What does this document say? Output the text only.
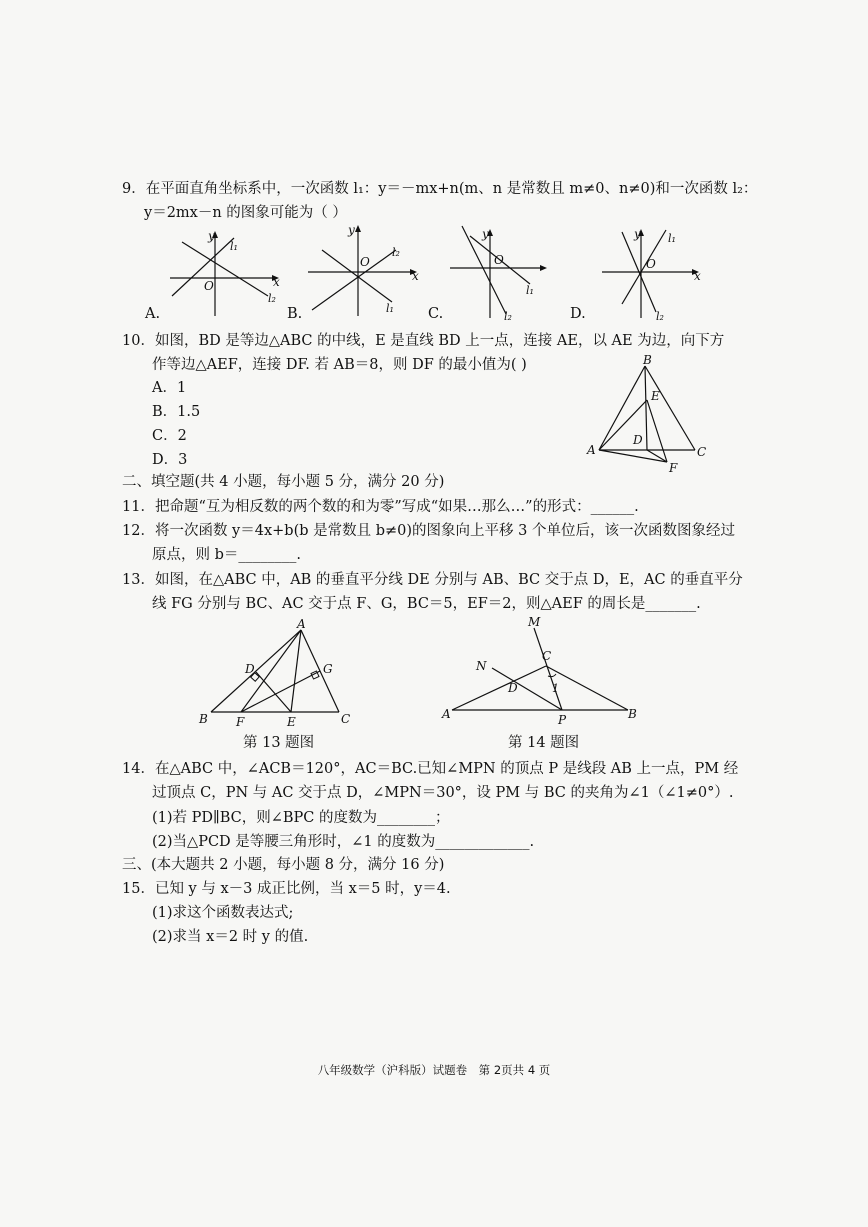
9．在平面直角坐标系中，一次函数 l₁：y＝－mx+n(m、n 是常数且 m≠0、n≠0)和一次函数 l₂：
y＝2mx－n 的图象可能为（ ）
y
x
O
l₁
l₂
A.
y
x
O
l₂
l₁
B.
y
O
l₁
l₂
C.
y
x
O
l₁
l₂
D.
10．如图，BD 是等边△ABC 的中线，E 是直线 BD 上一点，连接 AE，以 AE 为边，向下方
作等边△AEF，连接 DF. 若 AB＝8，则 DF 的最小值为( )
A．1
B．1.5
C．2
D．3
B
E
D
A	C
F
二、填空题(共 4 小题，每小题 5 分，满分 20 分)
11．把命题“互为相反数的两个数的和为零”写成“如果…那么…”的形式：______.
12．将一次函数 y＝4x+b(b 是常数且 b≠0)的图象向上平移 3 个单位后，该一次函数图象经过
原点，则 b＝________.
13．如图，在△ABC 中，AB 的垂直平分线 DE 分别与 AB、BC 交于点 D，E，AC 的垂直平分
线 FG 分别与 BC、AC 交于点 F、G，BC＝5，EF＝2，则△AEF 的周长是_______.
A
D	G
B F	E	C
第 13 题图
M
N
C
D	1
A	P	B
第 14 题图
14．在△ABC 中，∠ACB＝120°，AC＝BC.已知∠MPN 的顶点 P 是线段 AB 上一点，PM 经
过顶点 C，PN 与 AC 交于点 D，∠MPN＝30°，设 PM 与 BC 的夹角为∠1（∠1≠0°）.
(1)若 PD∥BC，则∠BPC 的度数为________；
(2)当△PCD 是等腰三角形时，∠1 的度数为_____________.
三、(本大题共 2 小题，每小题 8 分，满分 16 分)
15．已知 y 与 x－3 成正比例，当 x＝5 时，y＝4.
(1)求这个函数表达式;
(2)求当 x＝2 时 y 的值.
八年级数学（沪科版）试题卷　第 2页共 4 页
